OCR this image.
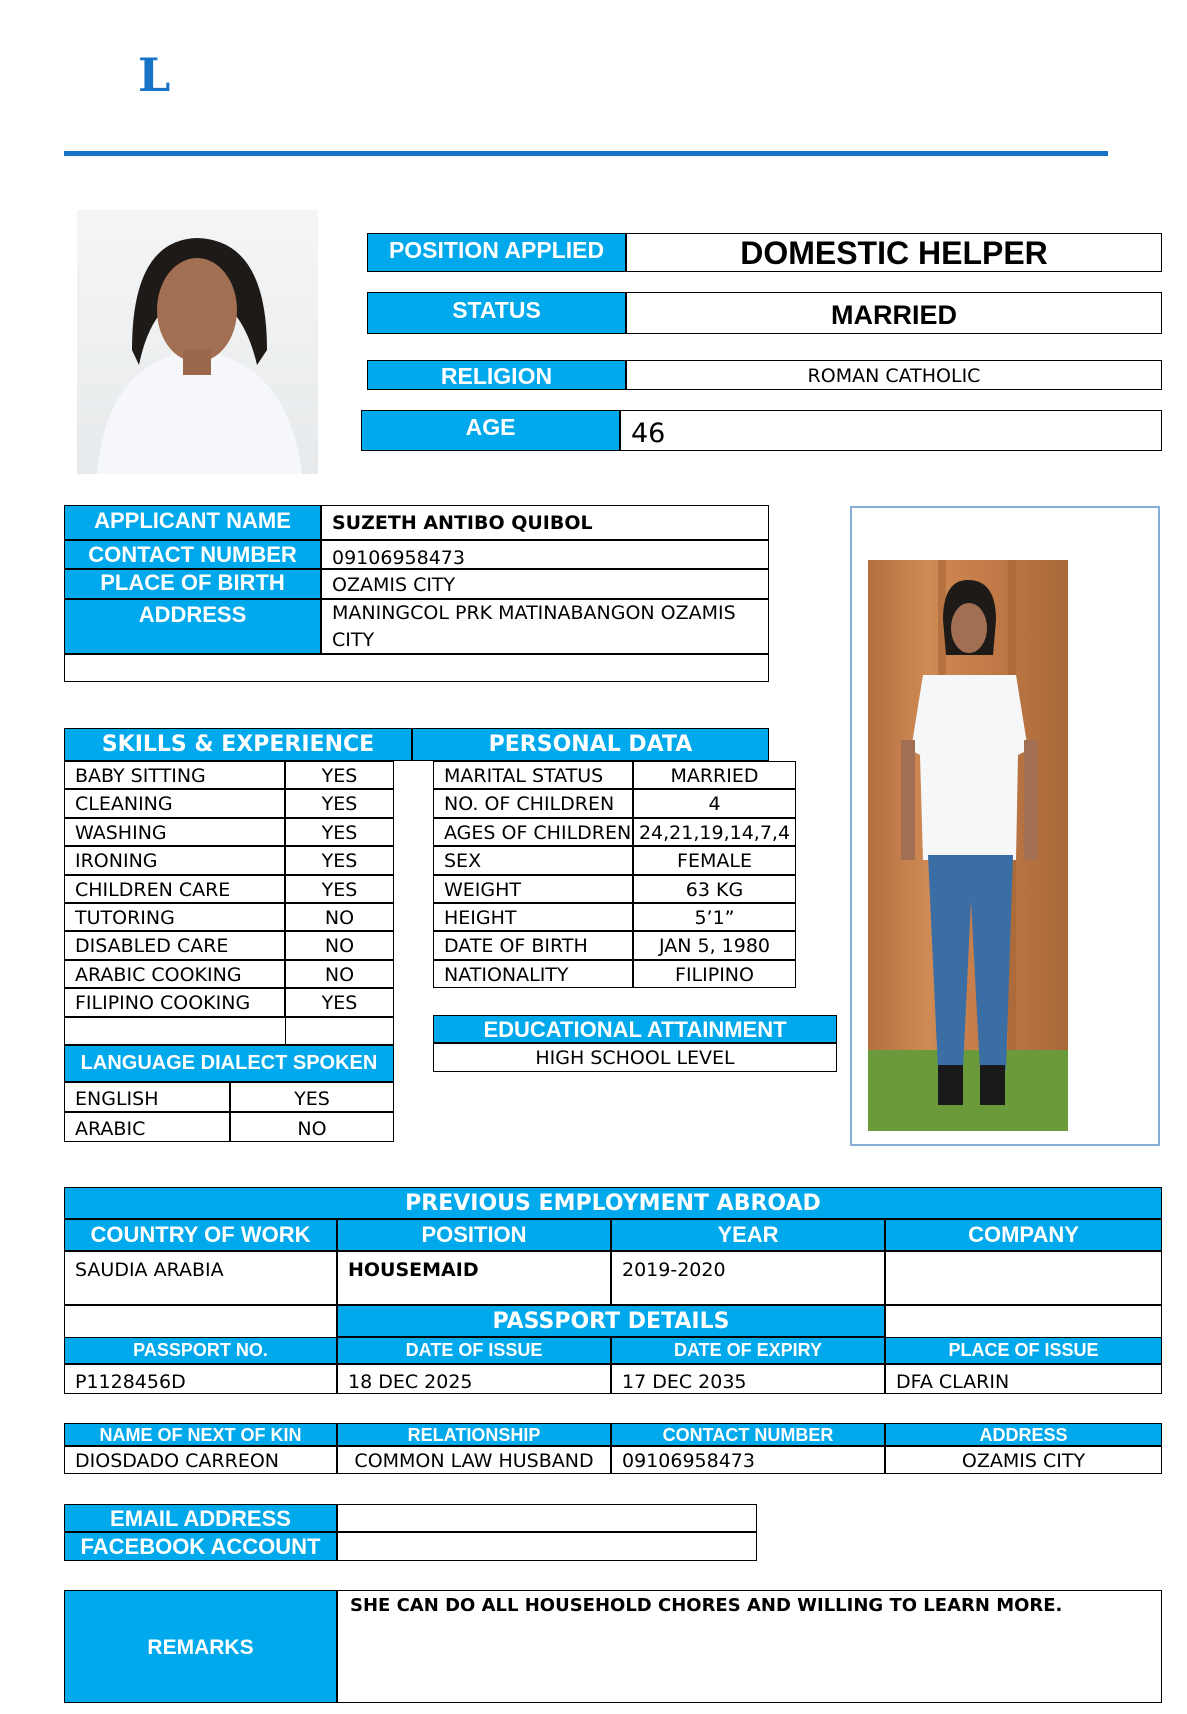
L
POSITION APPLIED	DOMESTIC HELPER
STATUS	MARRIED
RELIGION	ROMAN CATHOLIC
AGE	46
APPLICANT NAME	SUZETH ANTIBO QUIBOL
CONTACT NUMBER	09106958473
PLACE OF BIRTH	OZAMIS CITY
ADDRESS	MANINGCOL PRK MATINABANGON OZAMIS
CITY
SKILLS & EXPERIENCE	PERSONAL DATA
BABY SITTING	YES
CLEANING	YES
WASHING	YES
IRONING	YES
CHILDREN CARE	YES
TUTORING	NO
DISABLED CARE	NO
ARABIC COOKING	NO
FILIPINO COOKING	YES
MARITAL STATUS	MARRIED
NO. OF CHILDREN	4
AGES OF CHILDREN 24,21,19,14,7,4
SEX	FEMALE
WEIGHT	63 KG
HEIGHT	5’1”
DATE OF BIRTH	JAN 5, 1980
NATIONALITY	FILIPINO
EDUCATIONAL ATTAINMENT
HIGH SCHOOL LEVEL
LANGUAGE DIALECT SPOKEN
ENGLISH	YES
ARABIC	NO
PREVIOUS EMPLOYMENT ABROAD
COUNTRY OF WORK	POSITION	YEAR	COMPANY
SAUDIA ARABIA	HOUSEMAID	2019-2020
PASSPORT DETAILS
PASSPORT NO.	DATE OF ISSUE	DATE OF EXPIRY	PLACE OF ISSUE
P1128456D	18 DEC 2025	17 DEC 2035	DFA CLARIN
NAME OF NEXT OF KIN	RELATIONSHIP	CONTACT NUMBER	ADDRESS
DIOSDADO CARREON	COMMON LAW HUSBAND	09106958473	OZAMIS CITY
EMAIL ADDRESS
FACEBOOK ACCOUNT
REMARKS
SHE CAN DO ALL HOUSEHOLD CHORES AND WILLING TO LEARN MORE.
